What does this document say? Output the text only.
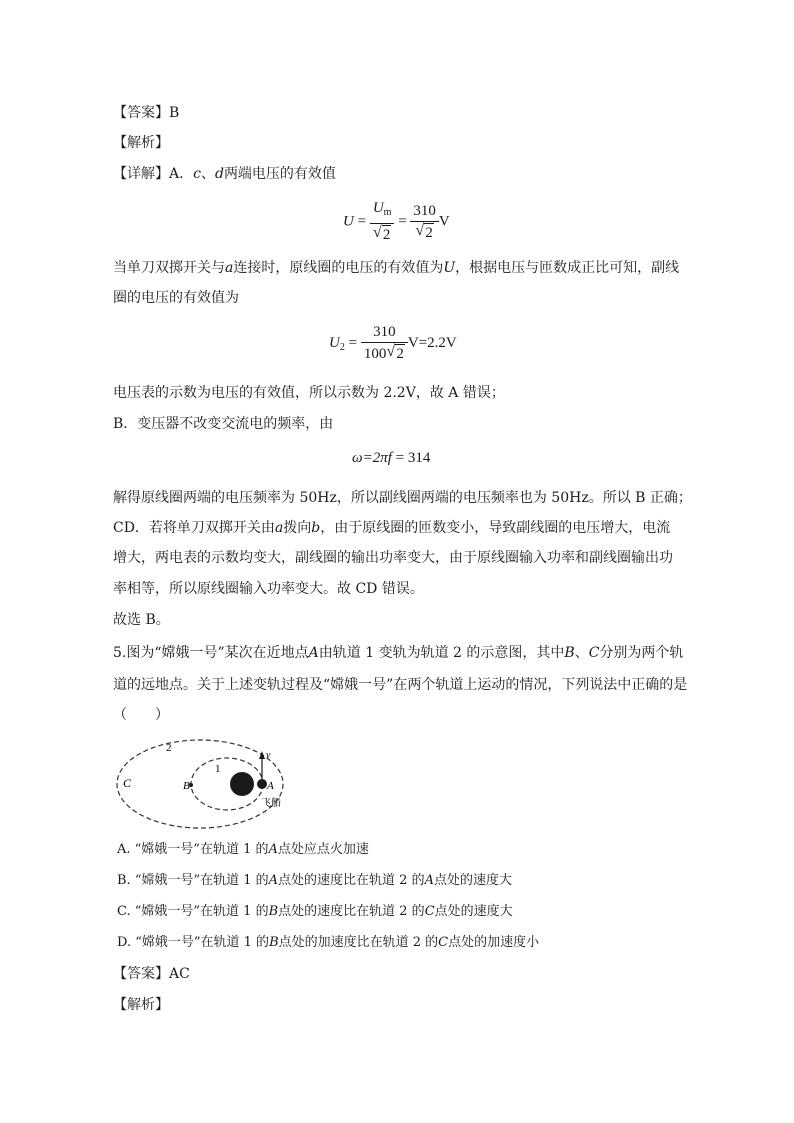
【答案】B
【解析】
【详解】A．c、d两端电压的有效值
$U = \frac{U_m}{√ 2} = \frac{310}{√ 2}$ V
当单刀双掷开关与a连接时，原线圈的电压的有效值为U，根据电压与匝数成正比可知，副线
圈的电压的有效值为
$U_2 = \frac{310}{100 √ 2} V=2.2V$
电压表的示数为电压的有效值，所以示数为 2.2V，故 A 错误；
B．变压器不改变交流电的频率，由
ω=2πf = 314
解得原线圈两端的电压频率为 50Hz，所以副线圈两端的电压频率也为 50Hz。所以 B 正确；
CD．若将单刀双掷开关由a拨向b，由于原线圈的匝数变小，导致副线圈的电压增大，电流
增大，两电表的示数均变大，副线圈的输出功率变大，由于原线圈输入功率和副线圈输出功
率相等，所以原线圈输入功率变大。故 CD 错误。
故选 B。
5.图为“嫦娥一号”某次在近地点A由轨道 1 变轨为轨道 2 的示意图，其中B、C分别为两个轨
道的远地点。关于上述变轨过程及“嫦娥一号”在两个轨道上运动的情况，下列说法中正确的是
（　　）
2
1
C	B	A
v
飞船
A. “嫦娥一号”在轨道 1 的A点处应点火加速
B. “嫦娥一号”在轨道 1 的A点处的速度比在轨道 2 的A点处的速度大
C. “嫦娥一号”在轨道 1 的B点处的速度比在轨道 2 的C点处的速度大
D. “嫦娥一号”在轨道 1 的B点处的加速度比在轨道 2 的C点处的加速度小
【答案】AC
【解析】
